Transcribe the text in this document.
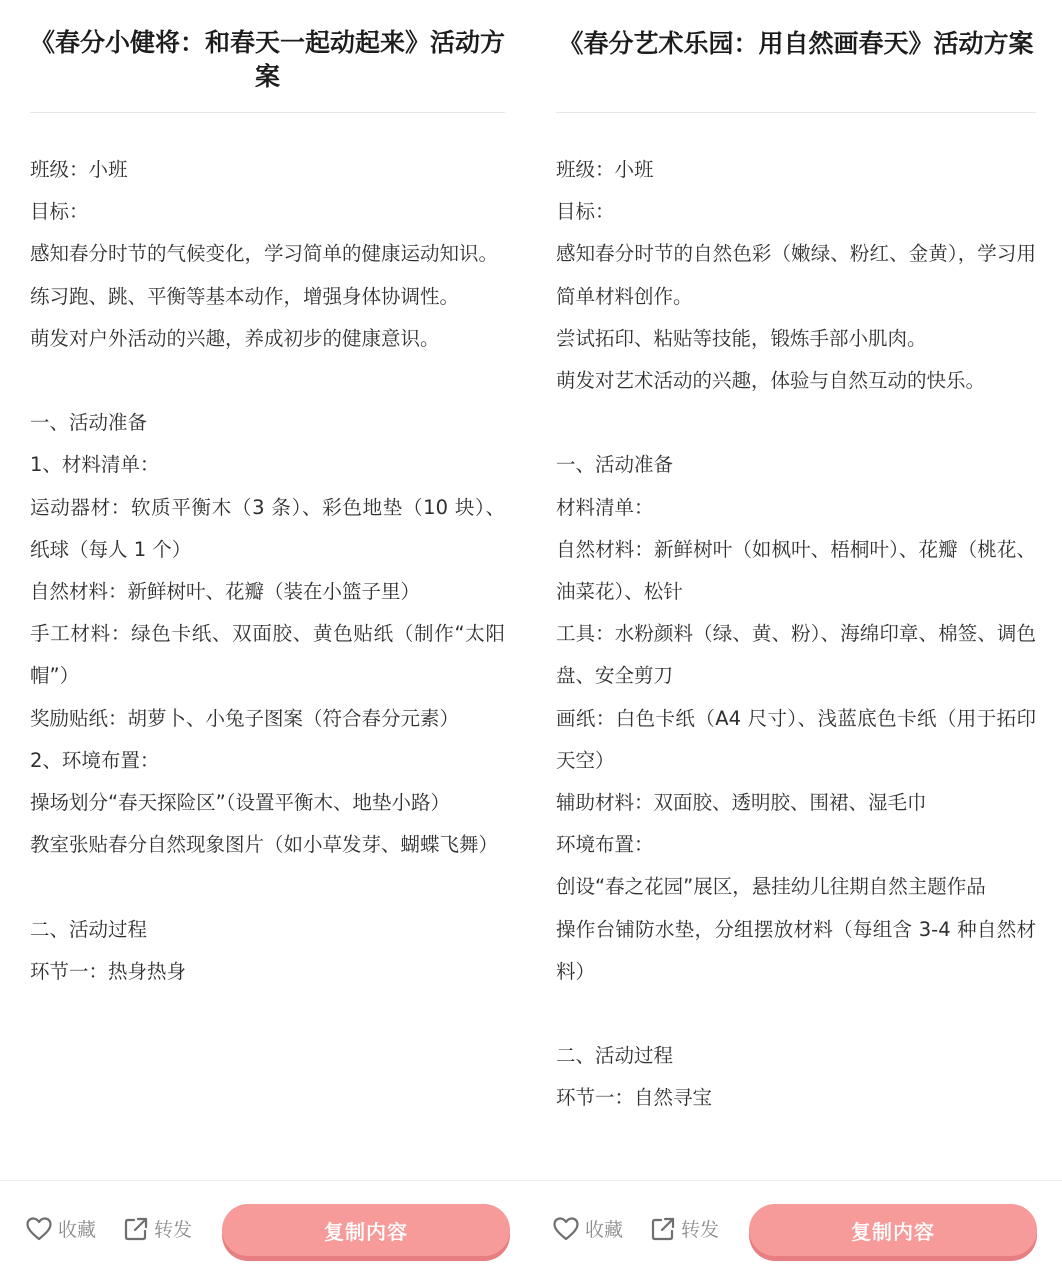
《春分小健将：和春天一起动起来》活动方案

班级：小班

目标：

感知春分时节的气候变化，学习简单的健康运动知识。

练习跑、跳、平衡等基本动作，增强身体协调性。

萌发对户外活动的兴趣，养成初步的健康意识。

一、活动准备

1、材料清单：

运动器材：软质平衡木（3 条）、彩色地垫（10 块）、纸球（每人 1 个）

自然材料：新鲜树叶、花瓣（装在小篮子里）

手工材料：绿色卡纸、双面胶、黄色贴纸（制作“太阳帽”）

奖励贴纸：胡萝卜、小兔子图案（符合春分元素）

2、环境布置：

操场划分“春天探险区”（设置平衡木、地垫小路）

教室张贴春分自然现象图片（如小草发芽、蝴蝶飞舞）

二、活动过程

环节一：热身热身

收藏	转发	复制内容
《春分艺术乐园：用自然画春天》活动方案

班级：小班

目标：

感知春分时节的自然色彩（嫩绿、粉红、金黄），学习用简单材料创作。

尝试拓印、粘贴等技能，锻炼手部小肌肉。

萌发对艺术活动的兴趣，体验与自然互动的快乐。

一、活动准备

材料清单：

自然材料：新鲜树叶（如枫叶、梧桐叶）、花瓣（桃花、油菜花）、松针

工具：水粉颜料（绿、黄、粉）、海绵印章、棉签、调色盘、安全剪刀

画纸：白色卡纸（A4 尺寸）、浅蓝底色卡纸（用于拓印天空）

辅助材料：双面胶、透明胶、围裙、湿毛巾

环境布置：

创设“春之花园”展区，悬挂幼儿往期自然主题作品

操作台铺防水垫，分组摆放材料（每组含 3-4 种自然材料）

二、活动过程

环节一：自然寻宝

收藏	转发	复制内容
